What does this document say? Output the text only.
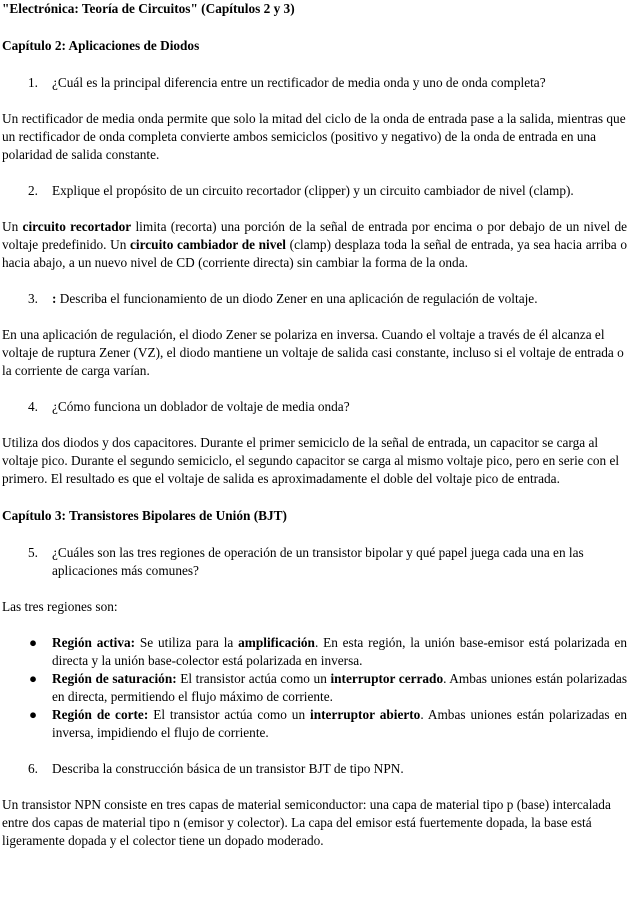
"Electrónica: Teoría de Circuitos" (Capítulos 2 y 3)

Capítulo 2: Aplicaciones de Diodos
1.	¿Cuál es la principal diferencia entre un rectificador de media onda y uno de onda completa?

Un rectificador de media onda permite que solo la mitad del ciclo de la onda de entrada pase a la salida, mientras que un rectificador de onda completa convierte ambos semiciclos (positivo y negativo) de la onda de entrada en una polaridad de salida constante.

2.	Explique el propósito de un circuito recortador (clipper) y un circuito cambiador de nivel (clamp).

Un circuito recortador limita (recorta) una porción de la señal de entrada por encima o por debajo de un nivel de voltaje predefinido. Un circuito cambiador de nivel (clamp) desplaza toda la señal de entrada, ya sea hacia arriba o hacia abajo, a un nuevo nivel de CD (corriente directa) sin cambiar la forma de la onda.

3.	: Describa el funcionamiento de un diodo Zener en una aplicación de regulación de voltaje.

En una aplicación de regulación, el diodo Zener se polariza en inversa. Cuando el voltaje a través de él alcanza el voltaje de ruptura Zener (VZ), el diodo mantiene un voltaje de salida casi constante, incluso si el voltaje de entrada o la corriente de carga varían.

4.	¿Cómo funciona un doblador de voltaje de media onda?

Utiliza dos diodos y dos capacitores. Durante el primer semiciclo de la señal de entrada, un capacitor se carga al voltaje pico. Durante el segundo semiciclo, el segundo capacitor se carga al mismo voltaje pico, pero en serie con el primero. El resultado es que el voltaje de salida es aproximadamente el doble del voltaje pico de entrada.

Capítulo 3: Transistores Bipolares de Unión (BJT)
5.	¿Cuáles son las tres regiones de operación de un transistor bipolar y qué papel juega cada una en las aplicaciones más comunes?

Las tres regiones son:

●	Región activa: Se utiliza para la amplificación. En esta región, la unión base-emisor está polarizada en directa y la unión base-colector está polarizada en inversa.
●	Región de saturación: El transistor actúa como un interruptor cerrado. Ambas uniones están polarizadas en directa, permitiendo el flujo máximo de corriente.
●	Región de corte: El transistor actúa como un interruptor abierto. Ambas uniones están polarizadas en inversa, impidiendo el flujo de corriente.
6.	Describa la construcción básica de un transistor BJT de tipo NPN.

Un transistor NPN consiste en tres capas de material semiconductor: una capa de material tipo p (base) intercalada entre dos capas de material tipo n (emisor y colector). La capa del emisor está fuertemente dopada, la base está ligeramente dopada y el colector tiene un dopado moderado.
